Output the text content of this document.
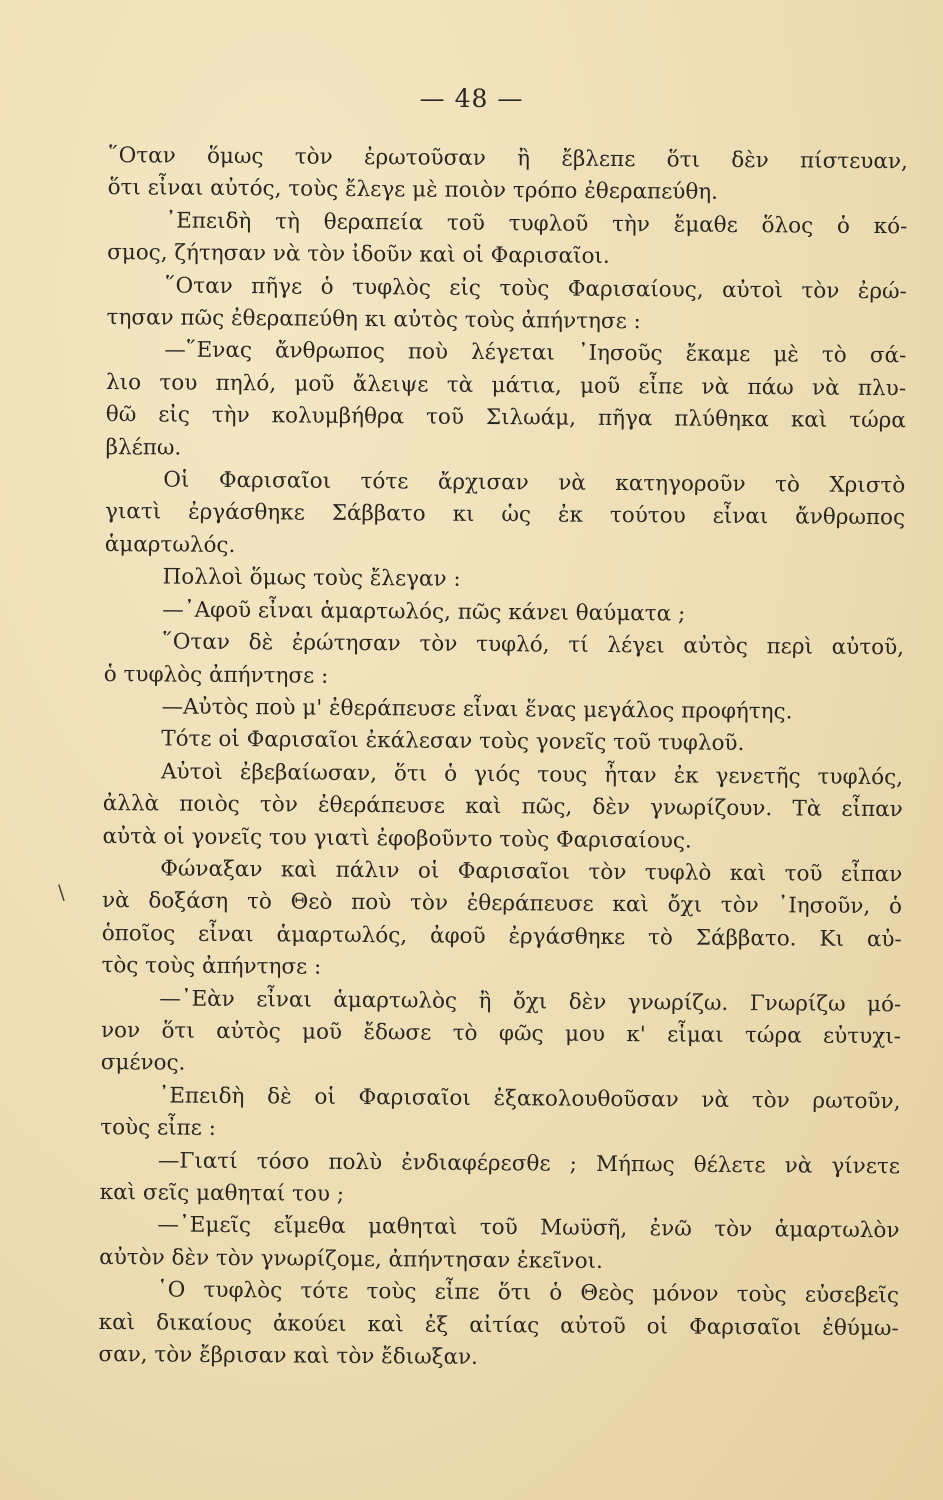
— 48 —
\
῞Οταν ὅμως τὸν ἐρωτοῦσαν ἢ ἔβλεπε ὅτι δὲν πίστευαν,
ὅτι εἶναι αὐτός, τοὺς ἔλεγε μὲ ποιὸν τρόπο ἐθεραπεύθη.
᾿Επειδὴ τὴ θεραπεία τοῦ τυφλοῦ τὴν ἔμαθε ὅλος ὁ κό-
σμος, ζήτησαν νὰ τὸν ἰδοῦν καὶ οἱ Φαρισαῖοι.
῞Οταν πῆγε ὁ τυφλὸς εἰς τοὺς Φαρισαίους, αὐτοὶ τὸν ἐρώ-
τησαν πῶς ἐθεραπεύθη κι αὐτὸς τοὺς ἀπήντησε :
—῞Ενας ἄνθρωπος ποὺ λέγεται ᾿Ιησοῦς ἔκαμε μὲ τὸ σά-
λιο του πηλό, μοῦ ἄλειψε τὰ μάτια, μοῦ εἶπε νὰ πάω νὰ πλυ-
θῶ εἰς τὴν κολυμβήθρα τοῦ Σιλωάμ, πῆγα πλύθηκα καὶ τώρα
βλέπω.
Οἱ Φαρισαῖοι τότε ἄρχισαν νὰ κατηγοροῦν τὸ Χριστὸ
γιατὶ ἐργάσθηκε Σάββατο κι ὡς ἐκ τούτου εἶναι ἄνθρωπος
ἁμαρτωλός.
Πολλοὶ ὅμως τοὺς ἔλεγαν :
—᾿Αφοῦ εἶναι ἁμαρτωλός, πῶς κάνει θαύματα ;
῞Οταν δὲ ἐρώτησαν τὸν τυφλό, τί λέγει αὐτὸς περὶ αὐτοῦ,
ὁ τυφλὸς ἀπήντησε :
—Αὐτὸς ποὺ μ' ἐθεράπευσε εἶναι ἕνας μεγάλος προφήτης.
Τότε οἱ Φαρισαῖοι ἐκάλεσαν τοὺς γονεῖς τοῦ τυφλοῦ.
Αὐτοὶ ἐβεβαίωσαν, ὅτι ὁ γιός τους ἦταν ἐκ γενετῆς τυφλός,
ἀλλὰ ποιὸς τὸν ἐθεράπευσε καὶ πῶς, δὲν γνωρίζουν. Τὰ εἶπαν
αὐτὰ οἱ γονεῖς του γιατὶ ἐφοβοῦντο τοὺς Φαρισαίους.
Φώναξαν καὶ πάλιν οἱ Φαρισαῖοι τὸν τυφλὸ καὶ τοῦ εἶπαν
νὰ δοξάση τὸ Θεὸ ποὺ τὸν ἐθεράπευσε καὶ ὄχι τὸν ᾿Ιησοῦν, ὁ
ὁποῖος εἶναι ἁμαρτωλός, ἀφοῦ ἐργάσθηκε τὸ Σάββατο. Κι αὐ-
τὸς τοὺς ἀπήντησε :
—᾿Εὰν εἶναι ἁμαρτωλὸς ἢ ὄχι δὲν γνωρίζω. Γνωρίζω μό-
νον ὅτι αὐτὸς μοῦ ἔδωσε τὸ φῶς μου κ' εἶμαι τώρα εὐτυχι-
σμένος.
᾿Επειδὴ δὲ οἱ Φαρισαῖοι ἐξακολουθοῦσαν νὰ τὸν ρωτοῦν,
τοὺς εἶπε :
—Γιατί τόσο πολὺ ἐνδιαφέρεσθε ; Μήπως θέλετε νὰ γίνετε
καὶ σεῖς μαθηταί του ;
—᾿Εμεῖς εἴμεθα μαθηταὶ τοῦ Μωϋσῆ, ἐνῶ τὸν ἁμαρτωλὸν
αὐτὸν δὲν τὸν γνωρίζομε, ἀπήντησαν ἐκεῖνοι.
῾Ο τυφλὸς τότε τοὺς εἶπε ὅτι ὁ Θεὸς μόνον τοὺς εὐσεβεῖς
καὶ δικαίους ἀκούει καὶ ἐξ αἰτίας αὐτοῦ οἱ Φαρισαῖοι ἐθύμω-
σαν, τὸν ἔβρισαν καὶ τὸν ἔδιωξαν.
